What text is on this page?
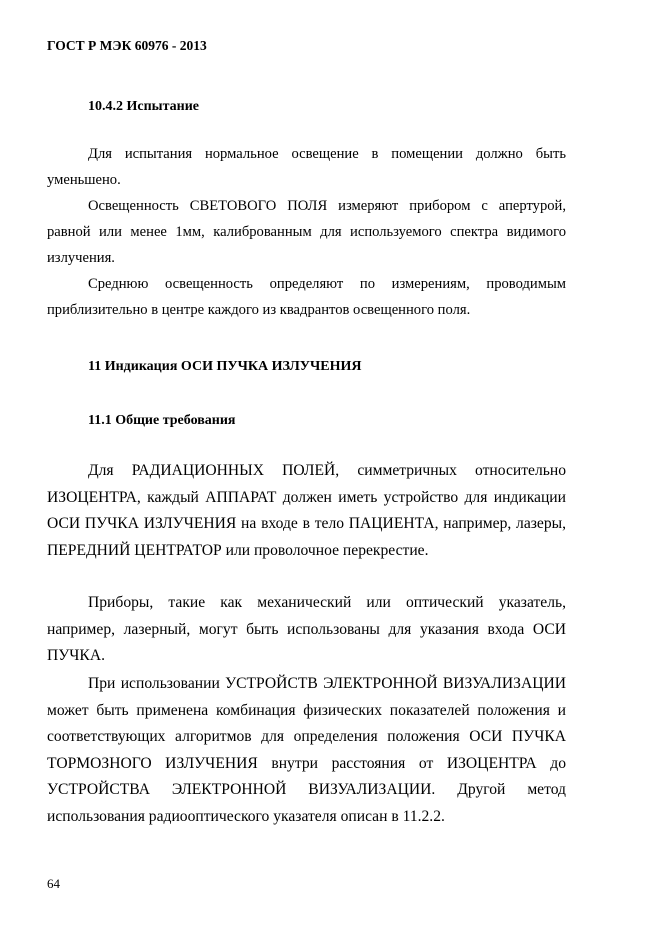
ГОСТ Р МЭК 60976 - 2013
10.4.2 Испытание

Для испытания нормальное освещение в помещении должно быть уменьшено.

Освещенность СВЕТОВОГО ПОЛЯ измеряют прибором с апертурой, равной или менее 1мм, калиброванным для используемого спектра видимого излучения.

Среднюю освещенность определяют по измерениям, проводимым приблизительно в центре каждого из квадрантов освещенного поля.

11 Индикация ОСИ ПУЧКА ИЗЛУЧЕНИЯ
11.1 Общие требования

Для РАДИАЦИОННЫХ ПОЛЕЙ, симметричных относительно ИЗОЦЕНТРА, каждый АППАРАТ должен иметь устройство для индикации ОСИ ПУЧКА ИЗЛУЧЕНИЯ на входе в тело ПАЦИЕНТА, например, лазеры, ПЕРЕДНИЙ ЦЕНТРАТОР или проволочное перекрестие.

Приборы, такие как механический или оптический указатель, например, лазерный, могут быть использованы для указания входа ОСИ ПУЧКА.

При использовании УСТРОЙСТВ ЭЛЕКТРОННОЙ ВИЗУАЛИЗАЦИИ может быть применена комбинация физических показателей положения и соответствующих алгоритмов для определения положения ОСИ ПУЧКА ТОРМОЗНОГО ИЗЛУЧЕНИЯ внутри расстояния от ИЗОЦЕНТРА до УСТРОЙСТВА ЭЛЕКТРОННОЙ ВИЗУАЛИЗАЦИИ. Другой метод использования радиооптического указателя описан в 11.2.2.

64
